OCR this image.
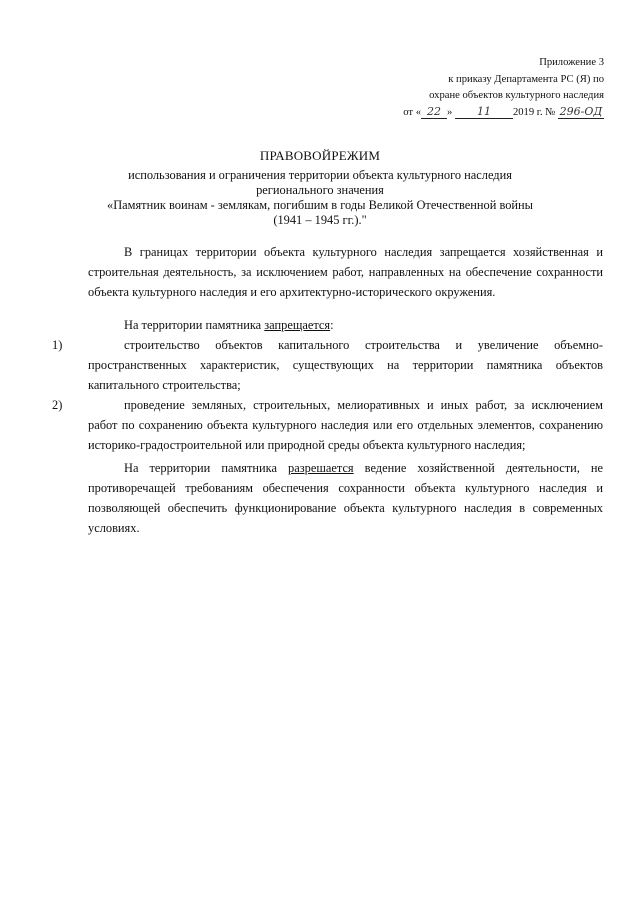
Приложение 3
к приказу Департамента РС (Я) по
охране объектов культурного наследия
от « 22 » 11 2019 г. № 296-ОД
ПРАВОВОЙРЕЖИМ
использования и ограничения территории объекта культурного наследия регионального значения
«Памятник воинам - землякам, погибшим в годы Великой Отечественной войны (1941 – 1945 гг.)."
В границах территории объекта культурного наследия запрещается хозяйственная и строительная деятельность, за исключением работ, направленных на обеспечение сохранности объекта культурного наследия и его архитектурно-исторического окружения.
На территории памятника запрещается:
1)	строительство объектов капитального строительства и увеличение объемно-пространственных характеристик, существующих на территории памятника объектов капитального строительства;
2)	проведение земляных, строительных, мелиоративных и иных работ, за исключением работ по сохранению объекта культурного наследия или его отдельных элементов, сохранению историко-градостроительной или природной среды объекта культурного наследия;
На территории памятника разрешается ведение хозяйственной деятельности, не противоречащей требованиям обеспечения сохранности объекта культурного наследия и позволяющей обеспечить функционирование объекта культурного наследия в современных условиях.
